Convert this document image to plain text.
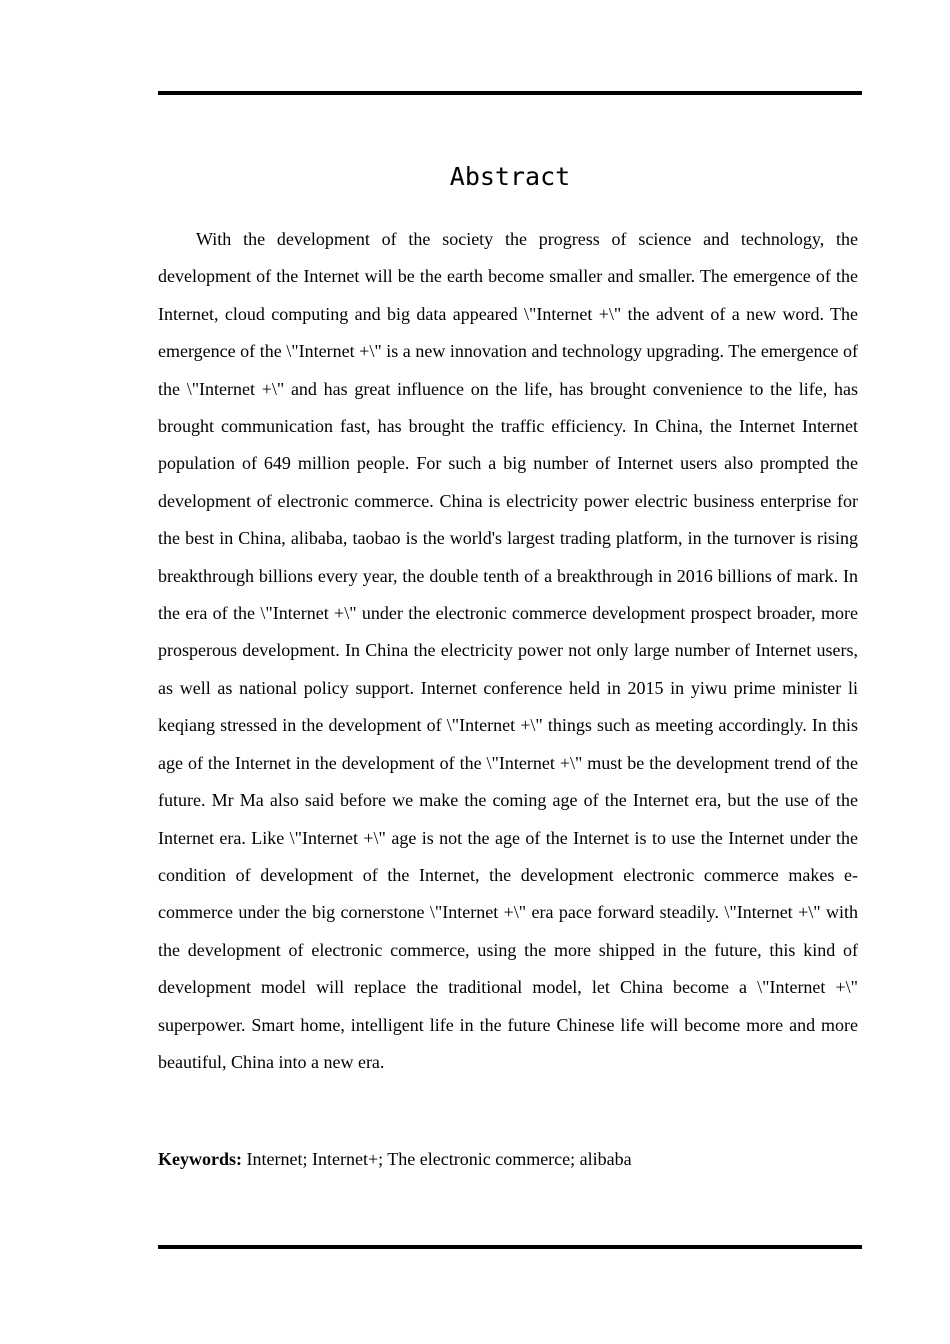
Abstract

With the development of the society the progress of science and technology, the development of the Internet will be the earth become smaller and smaller. The emergence of the Internet, cloud computing and big data appeared \"Internet +\" the advent of a new word. The emergence of the \"Internet +\" is a new innovation and technology upgrading. The emergence of the \"Internet +\" and has great influence on the life, has brought convenience to the life, has brought communication fast, has brought the traffic efficiency. In China, the Internet Internet population of 649 million people. For such a big number of Internet users also prompted the development of electronic commerce. China is electricity power electric business enterprise for the best in China, alibaba, taobao is the world's largest trading platform, in the turnover is rising breakthrough billions every year, the double tenth of a breakthrough in 2016 billions of mark. In the era of the \"Internet +\" under the electronic commerce development prospect broader, more prosperous development. In China the electricity power not only large number of Internet users, as well as national policy support. Internet conference held in 2015 in yiwu prime minister li keqiang stressed in the development of \"Internet +\" things such as meeting accordingly. In this age of the Internet in the development of the \"Internet +\" must be the development trend of the future. Mr Ma also said before we make the coming age of the Internet era, but the use of the Internet era. Like \"Internet +\" age is not the age of the Internet is to use the Internet under the condition of development of the Internet, the development electronic commerce makes e-commerce under the big cornerstone \"Internet +\" era pace forward steadily. \"Internet +\" with the development of electronic commerce, using the more shipped in the future, this kind of development model will replace the traditional model, let China become a \"Internet +\" superpower. Smart home, intelligent life in the future Chinese life will become more and more beautiful, China into a new era.

Keywords: Internet; Internet+; The electronic commerce; alibaba
